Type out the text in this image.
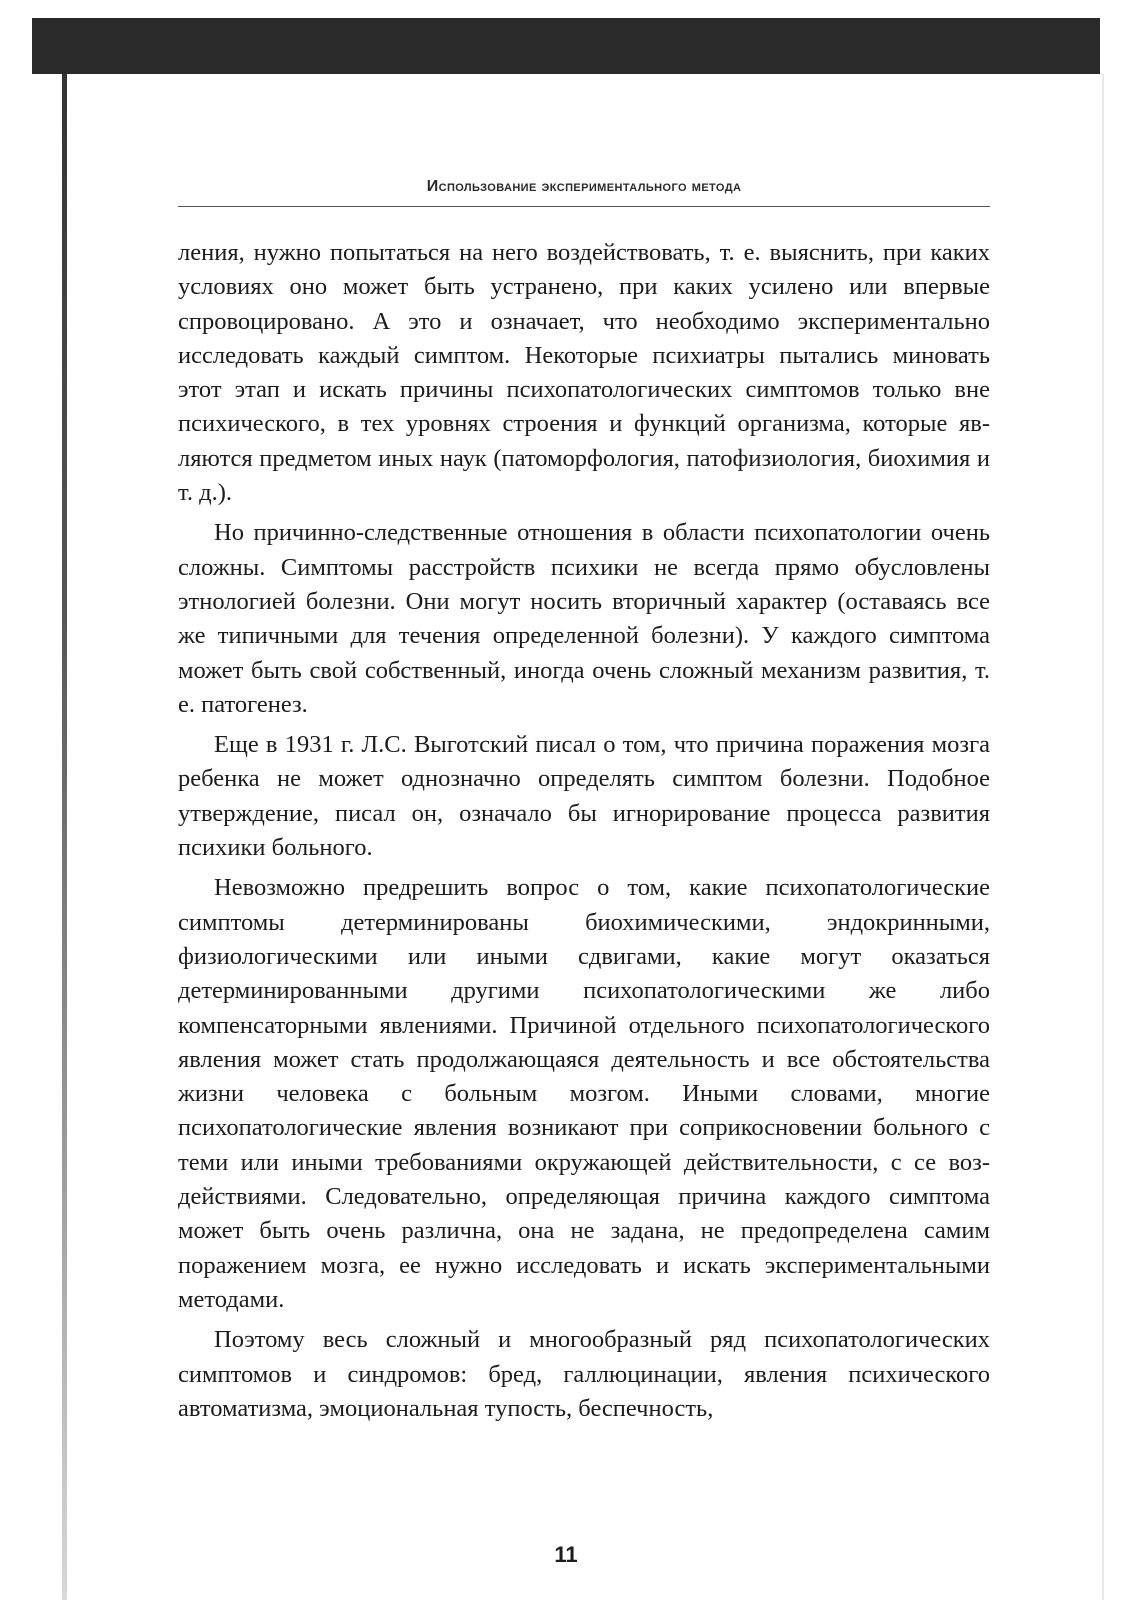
Использование экспериментального метода

ления, нужно попытаться на него воздействовать, т. е. выяснить, при каких условиях оно может быть устранено, при каких усилено или впервые спровоцировано. А это и означает, что необходимо экспериментально исследовать каждый симптом. Некоторые психиатры пытались миновать этот этап и искать причины психопатологических симптомов только вне психического, в тех уровнях строения и функций организма, которые являются предметом иных наук (патоморфология, патофизиология, биохимия и т. д.).

Но причинно-следственные отношения в области психопатологии очень сложны. Симптомы расстройств психики не всегда прямо обусловлены этнологией болезни. Они могут носить вторичный характер (оставаясь все же типичными для течения определенной болезни). У каждого симптома может быть свой собственный, иногда очень сложный механизм развития, т. е. патогенез.

Еще в 1931 г. Л.С. Выготский писал о том, что причина поражения мозга ребенка не может однозначно определять симптом болезни. Подобное утверждение, писал он, означало бы игнорирование процесса развития психики больного.

Невозможно предрешить вопрос о том, какие психопатологические симптомы детерминированы биохимическими, эндокринными, физиологическими или иными сдвигами, какие могут оказаться детерминированными другими психопатологическими же либо компенсаторными явлениями. Причиной отдельного психопатологического явления может стать продолжающаяся деятельность и все обстоятельства жизни человека с больным мозгом. Иными словами, многие психопатологические явления возникают при соприкосновении больного с теми или иными требованиями окружающей действительности, с се воздействиями. Следовательно, определяющая причина каждого симптома может быть очень различна, она не задана, не предопределена самим поражением мозга, ее нужно исследовать и искать экспериментальными методами.

Поэтому весь сложный и многообразный ряд психопатологических симптомов и синдромов: бред, галлюцинации, явления психического автоматизма, эмоциональная тупость, беспечность,

11
